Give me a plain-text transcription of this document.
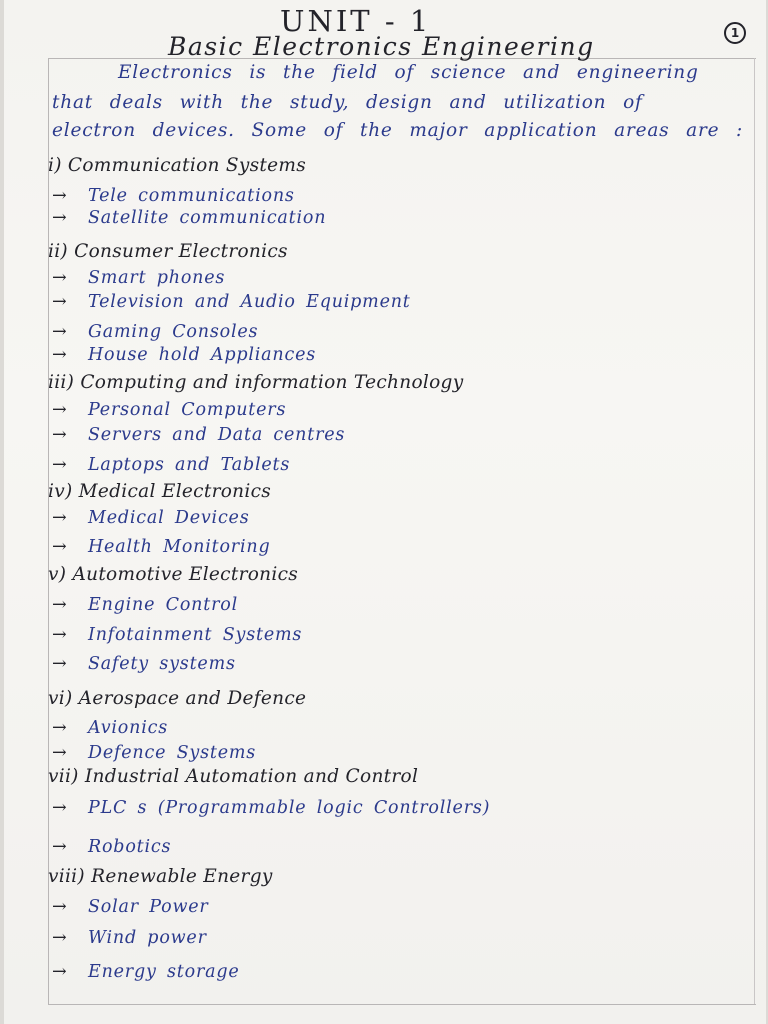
UNIT - 1
Basic Electronics Engineering	1
Electronics is the field of science and engineering
that deals with the study, design and utilization of
electron devices. Some of the major application areas are :
i) Communication Systems
→ Tele communications
→ Satellite communication
ii) Consumer Electronics
→ Smart phones
→ Television and Audio Equipment
→ Gaming Consoles
→ House hold Appliances
iii) Computing and information Technology
→ Personal Computers
→ Servers and Data centres
→ Laptops and Tablets
iv) Medical Electronics
→ Medical Devices
→ Health Monitoring
v) Automotive Electronics
→ Engine Control
→ Infotainment Systems
→ Safety systems
vi) Aerospace and Defence
→ Avionics
→ Defence Systems
vii) Industrial Automation and Control
→ PLC s (Programmable logic Controllers)
→ Robotics
viii) Renewable Energy
→ Solar Power
→ Wind power
→ Energy storage
